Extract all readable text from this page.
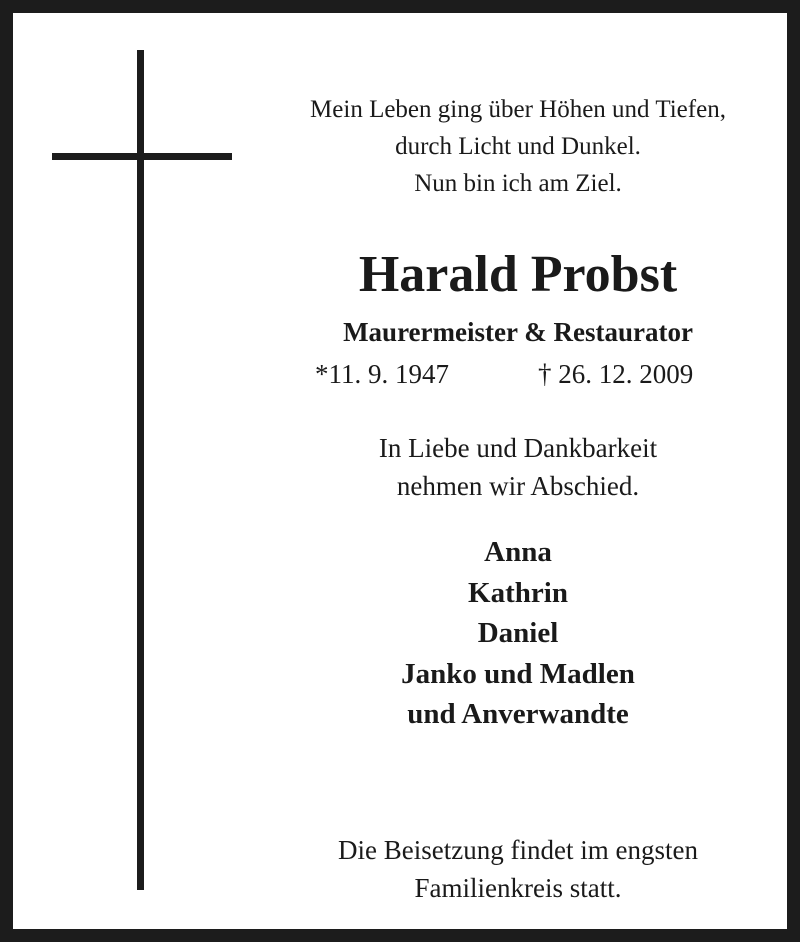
Mein Leben ging über Höhen und Tiefen,
durch Licht und Dunkel.
Nun bin ich am Ziel.
Harald Probst
Maurermeister & Restaurator
*11. 9. 1947	† 26. 12. 2009
In Liebe und Dankbarkeit
nehmen wir Abschied.
Anna
Kathrin
Daniel
Janko und Madlen
und Anverwandte
Die Beisetzung findet im engsten
Familienkreis statt.
